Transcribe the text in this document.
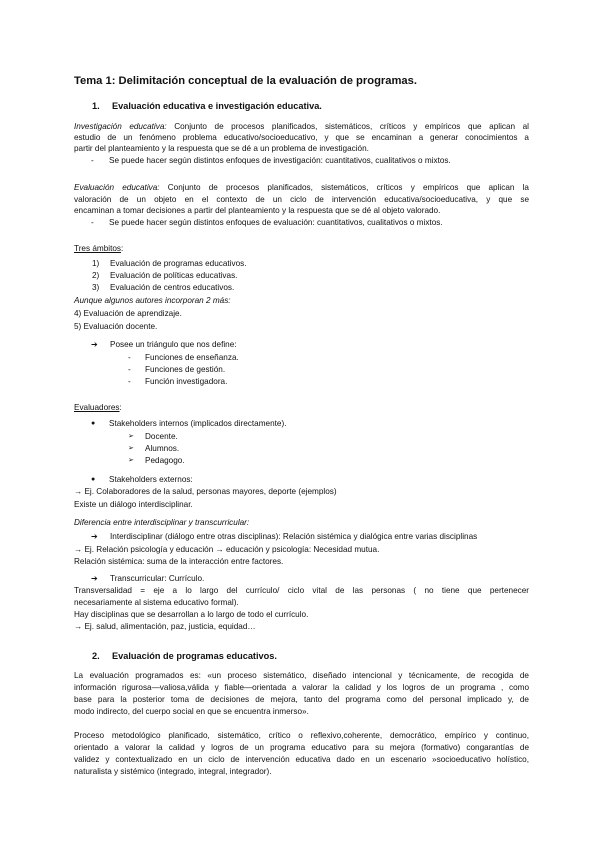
Tema 1: Delimitación conceptual de la evaluación de programas.
1. Evaluación educativa e investigación educativa.
Investigación educativa: Conjunto de procesos planificados, sistemáticos, críticos y empíricos que aplican al
estudio de un fenómeno problema educativo/socioeducativo, y que se encaminan a generar conocimientos a
partir del planteamiento y la respuesta que se dé a un problema de investigación.
- Se puede hacer según distintos enfoques de investigación: cuantitativos, cualitativos o mixtos.
Evaluación educativa: Conjunto de procesos planificados, sistemáticos, críticos y empíricos que aplican la
valoración de un objeto en el contexto de un ciclo de intervención educativa/socioeducativa, y que se
encaminan a tomar decisiones a partir del planteamiento y la respuesta que se dé al objeto valorado.
- Se puede hacer según distintos enfoques de evaluación: cuantitativos, cualitativos o mixtos.
Tres ámbitos:
1) Evaluación de programas educativos.
2) Evaluación de políticas educativas.
3) Evaluación de centros educativos.
Aunque algunos autores incorporan 2 más:
4) Evaluación de aprendizaje.
5) Evaluación docente.
➔ Posee un triángulo que nos define:
- Funciones de enseñanza.
- Funciones de gestión.
- Función investigadora.
Evaluadores:
● Stakeholders internos (implicados directamente).
➢ Docente.
➢ Alumnos.
➢ Pedagogo.
● Stakeholders externos:
→ Ej. Colaboradores de la salud, personas mayores, deporte (ejemplos)
Existe un diálogo interdisciplinar.
Diferencia entre interdisciplinar y transcurricular:
➔ Interdisciplinar (diálogo entre otras disciplinas): Relación sistémica y dialógica entre varias disciplinas
→ Ej. Relación psicología y educación → educación y psicología: Necesidad mutua.
Relación sistémica: suma de la interacción entre factores.
➔ Transcurricular: Currículo.
Transversalidad = eje a lo largo del currículo/ ciclo vital de las personas ( no tiene que pertenecer
necesariamente al sistema educativo formal).
Hay disciplinas que se desarrollan a lo largo de todo el currículo.
→ Ej. salud, alimentación, paz, justicia, equidad…
2. Evaluación de programas educativos.
La evaluación programados es: «un proceso sistemático, diseñado intencional y técnicamente, de recogida de
información rigurosa—valiosa,válida y fiable—orientada a valorar la calidad y los logros de un programa , como
base para la posterior toma de decisiones de mejora, tanto del programa como del personal implicado y, de
modo indirecto, del cuerpo social en que se encuentra inmerso».
Proceso metodológico planificado, sistemático, crítico o reflexivo,coherente, democrático, empírico y continuo,
orientado a valorar la calidad y logros de un programa educativo para su mejora (formativo) congarantías de
validez y contextualizado en un ciclo de intervención educativa dado en un escenario »socioeducativo holístico,
naturalista y sistémico (integrado, integral, integrador).
